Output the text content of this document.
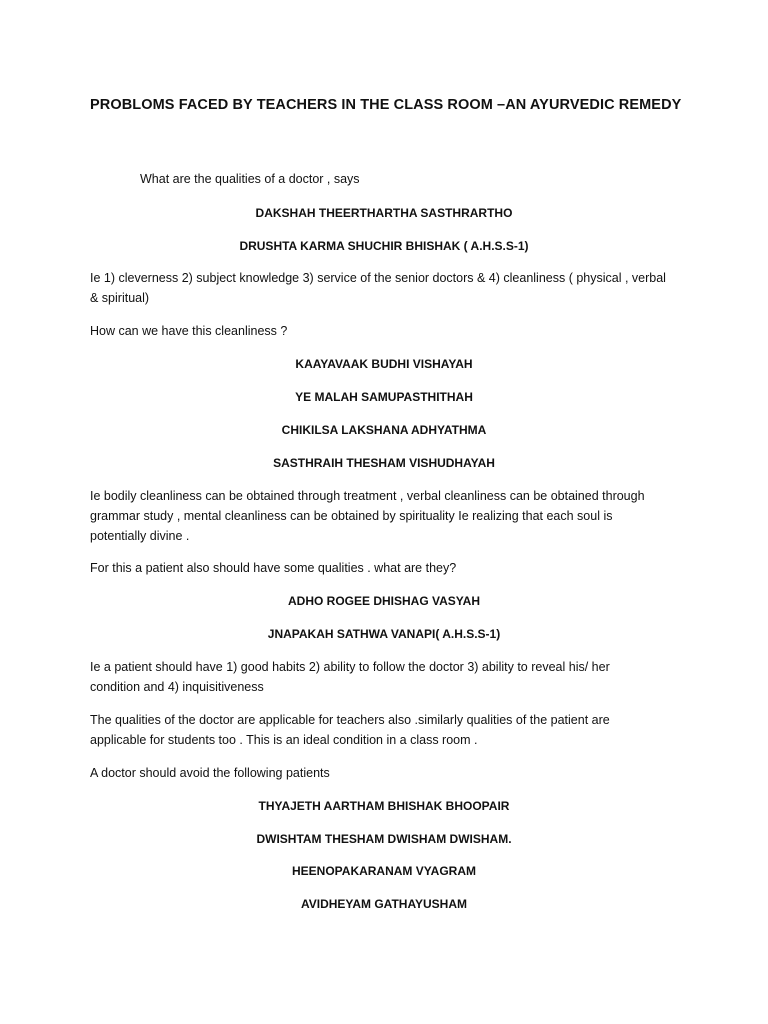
PROBLOMS FACED BY TEACHERS IN THE CLASS ROOM –AN AYURVEDIC REMEDY
What are the qualities of a doctor , says
DAKSHAH THEERTHARTHA SASTHRARTHO
DRUSHTA KARMA SHUCHIR BHISHAK ( A.H.S.S-1)
Ie 1) cleverness 2) subject knowledge 3) service of the senior doctors & 4) cleanliness ( physical , verbal
& spiritual)
How can we have this cleanliness ?
KAAYAVAAK BUDHI VISHAYAH
YE MALAH SAMUPASTHITHAH
CHIKILSA LAKSHANA ADHYATHMA
SASTHRAIH THESHAM VISHUDHAYAH
Ie bodily cleanliness can be obtained through treatment , verbal cleanliness can be obtained through
grammar study , mental cleanliness can be obtained by spirituality Ie realizing that each soul is
potentially divine .
For this a patient also should have some qualities . what are they?
ADHO ROGEE DHISHAG VASYAH
JNAPAKAH SATHWA VANAPI( A.H.S.S-1)
Ie a patient should have 1) good habits 2) ability to follow the doctor 3) ability to reveal his/ her
condition and 4) inquisitiveness
The qualities of the doctor are applicable for teachers also .similarly qualities of the patient are
applicable for students too . This is an ideal condition in a class room .
A doctor should avoid the following patients
THYAJETH AARTHAM BHISHAK BHOOPAIR
DWISHTAM THESHAM DWISHAM DWISHAM.
HEENOPAKARANAM VYAGRAM
AVIDHEYAM GATHAYUSHAM
